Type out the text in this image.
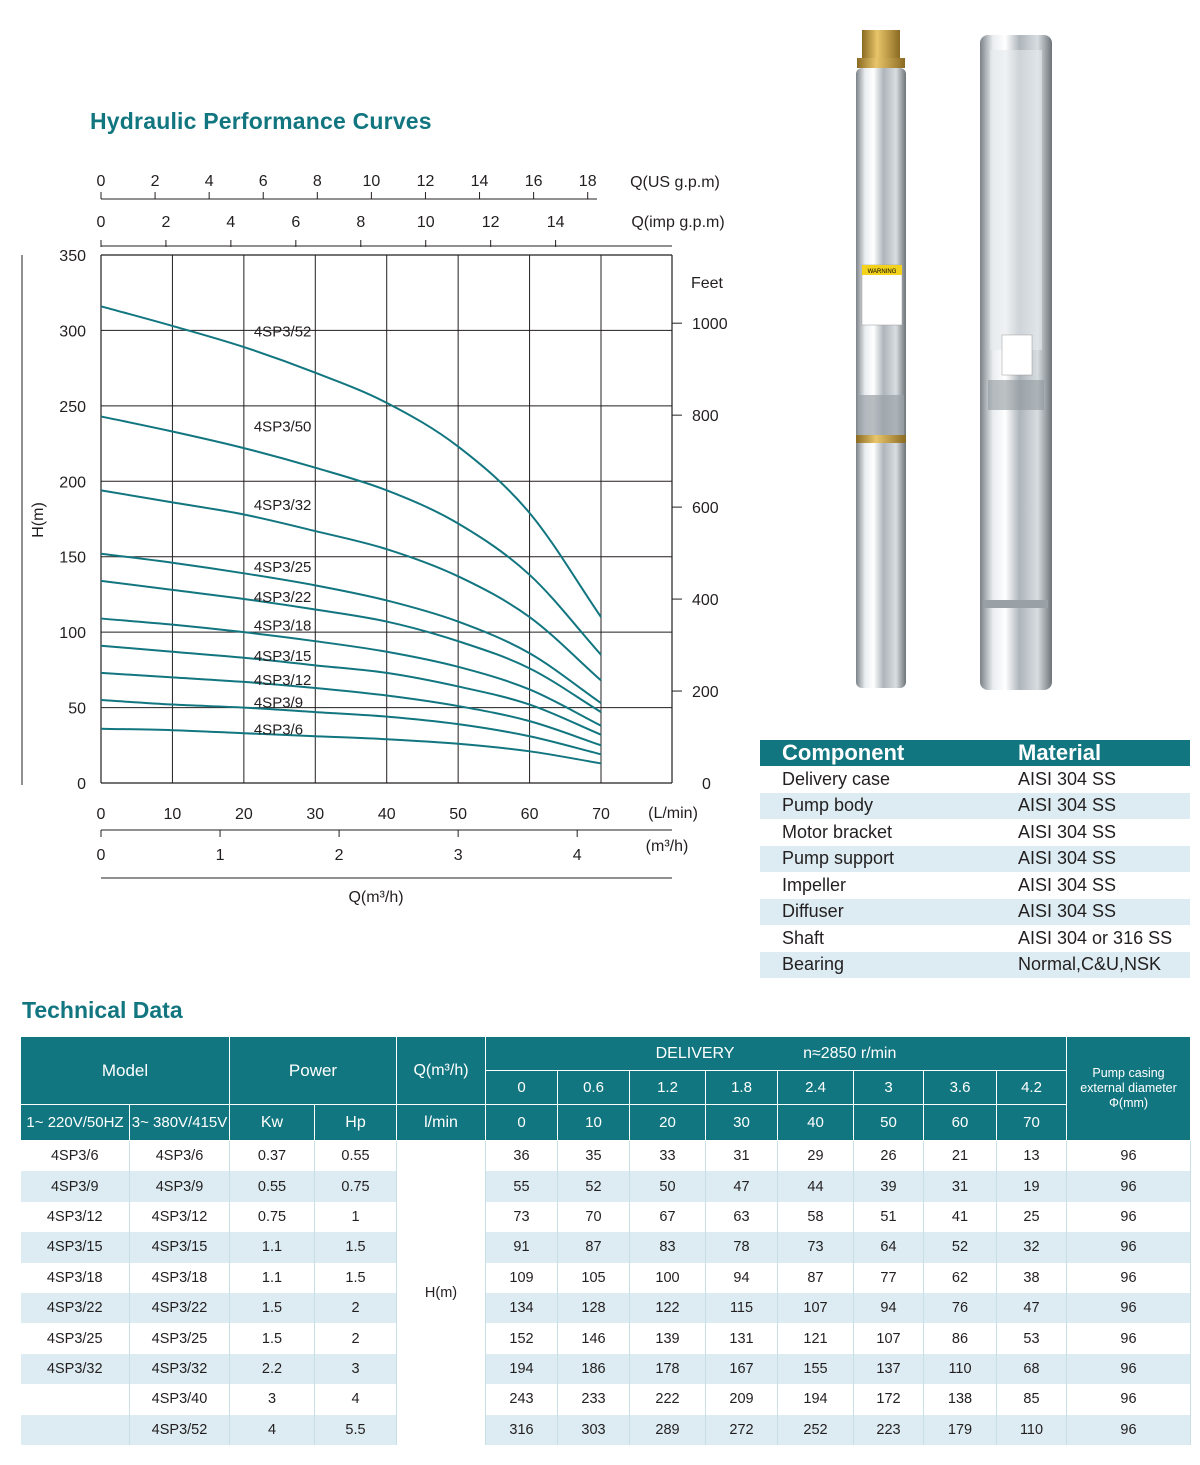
Hydraulic Performance Curves
0
50
100
150
200
250
300
350
H(m)
200
400
600
800
1000
0
Feet
0	2	4	6	8	10 12 14 16 18 Q(US g.p.m)
0	2	4	6	8	10	12	14	Q(imp g.p.m)
0	10	20	30	40	50	60	70 (L/min)
0	1	2	3	4
(m³/h)
Q(m³/h)
4SP3/52
4SP3/50
4SP3/32
4SP3/25
4SP3/22
4SP3/18
4SP3/15
4SP3/12
4SP3/9
4SP3/6
WARNING
Component	Material
Delivery case	AISI 304 SS
Pump body	AISI 304 SS
Motor bracket	AISI 304 SS
Pump support	AISI 304 SS
Impeller	AISI 304 SS
Diffuser	AISI 304 SS
Shaft	AISI 304 or 316 SS
Bearing	Normal,C&U,NSK
Technical Data
Model		Power		Q(m³/h)	DELIVERY n≈2850 r/min								Pump casing external diameter Φ(mm)
					0	0.6	1.2	1.8	2.4	3	3.6	4.2	
1~ 220V/50HZ	3~ 380V/415V	Kw	Hp	l/min	0	10	20	30	40	50	60	70	
4SP3/6	4SP3/6	0.37	0.55	H(m)	36	35	33	31	29	26	21	13	96
4SP3/9	4SP3/9	0.55	0.75		55	52	50	47	44	39	31	19	96
4SP3/12	4SP3/12	0.75	1		73	70	67	63	58	51	41	25	96
4SP3/15	4SP3/15	1.1	1.5		91	87	83	78	73	64	52	32	96
4SP3/18	4SP3/18	1.1	1.5		109	105	100	94	87	77	62	38	96
4SP3/22	4SP3/22	1.5	2		134	128	122	115	107	94	76	47	96
4SP3/25	4SP3/25	1.5	2		152	146	139	131	121	107	86	53	96
4SP3/32	4SP3/32	2.2	3		194	186	178	167	155	137	110	68	96
	4SP3/40	3	4		243	233	222	209	194	172	138	85	96
	4SP3/52	4	5.5		316	303	289	272	252	223	179	110	96
